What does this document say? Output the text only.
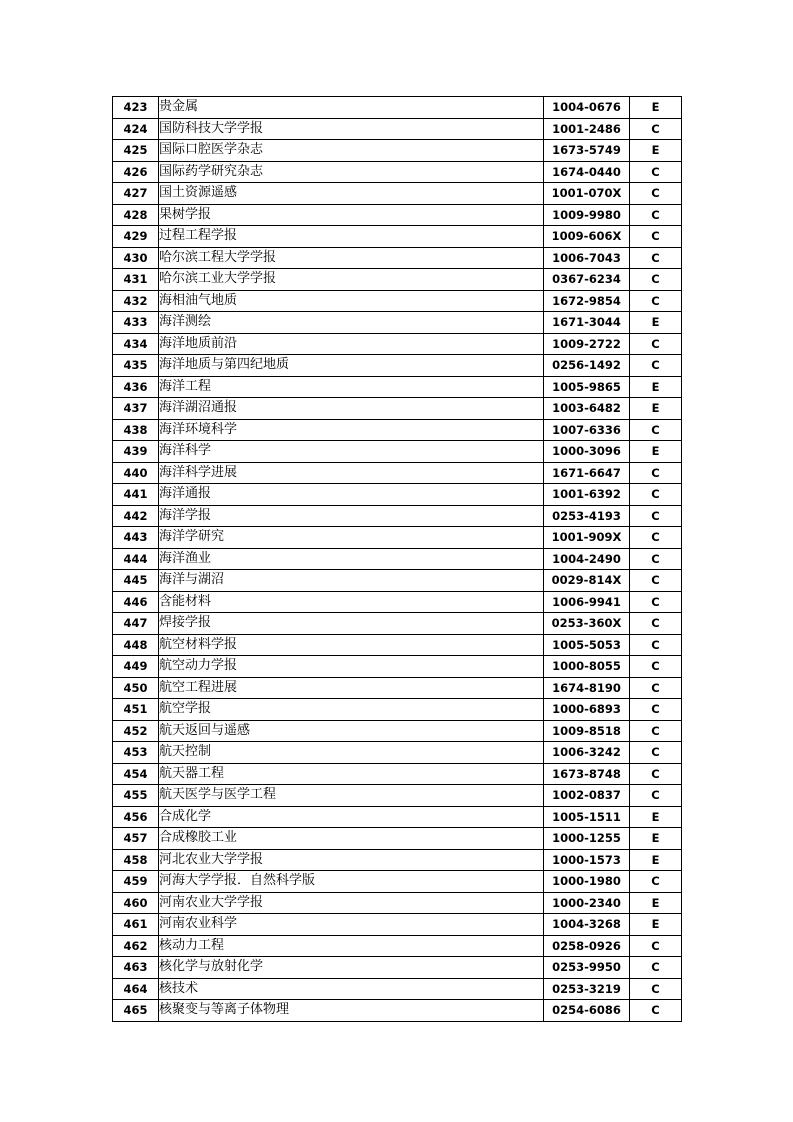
423	贵金属	1004-0676	E
424	国防科技大学学报	1001-2486	C
425	国际口腔医学杂志	1673-5749	E
426	国际药学研究杂志	1674-0440	C
427	国土资源遥感	1001-070X	C
428	果树学报	1009-9980	C
429	过程工程学报	1009-606X	C
430	哈尔滨工程大学学报	1006-7043	C
431	哈尔滨工业大学学报	0367-6234	C
432	海相油气地质	1672-9854	C
433	海洋测绘	1671-3044	E
434	海洋地质前沿	1009-2722	C
435	海洋地质与第四纪地质	0256-1492	C
436	海洋工程	1005-9865	E
437	海洋湖沼通报	1003-6482	E
438	海洋环境科学	1007-6336	C
439	海洋科学	1000-3096	E
440	海洋科学进展	1671-6647	C
441	海洋通报	1001-6392	C
442	海洋学报	0253-4193	C
443	海洋学研究	1001-909X	C
444	海洋渔业	1004-2490	C
445	海洋与湖沼	0029-814X	C
446	含能材料	1006-9941	C
447	焊接学报	0253-360X	C
448	航空材料学报	1005-5053	C
449	航空动力学报	1000-8055	C
450	航空工程进展	1674-8190	C
451	航空学报	1000-6893	C
452	航天返回与遥感	1009-8518	C
453	航天控制	1006-3242	C
454	航天器工程	1673-8748	C
455	航天医学与医学工程	1002-0837	C
456	合成化学	1005-1511	E
457	合成橡胶工业	1000-1255	E
458	河北农业大学学报	1000-1573	E
459	河海大学学报．自然科学版	1000-1980	C
460	河南农业大学学报	1000-2340	E
461	河南农业科学	1004-3268	E
462	核动力工程	0258-0926	C
463	核化学与放射化学	0253-9950	C
464	核技术	0253-3219	C
465	核聚变与等离子体物理	0254-6086	C
